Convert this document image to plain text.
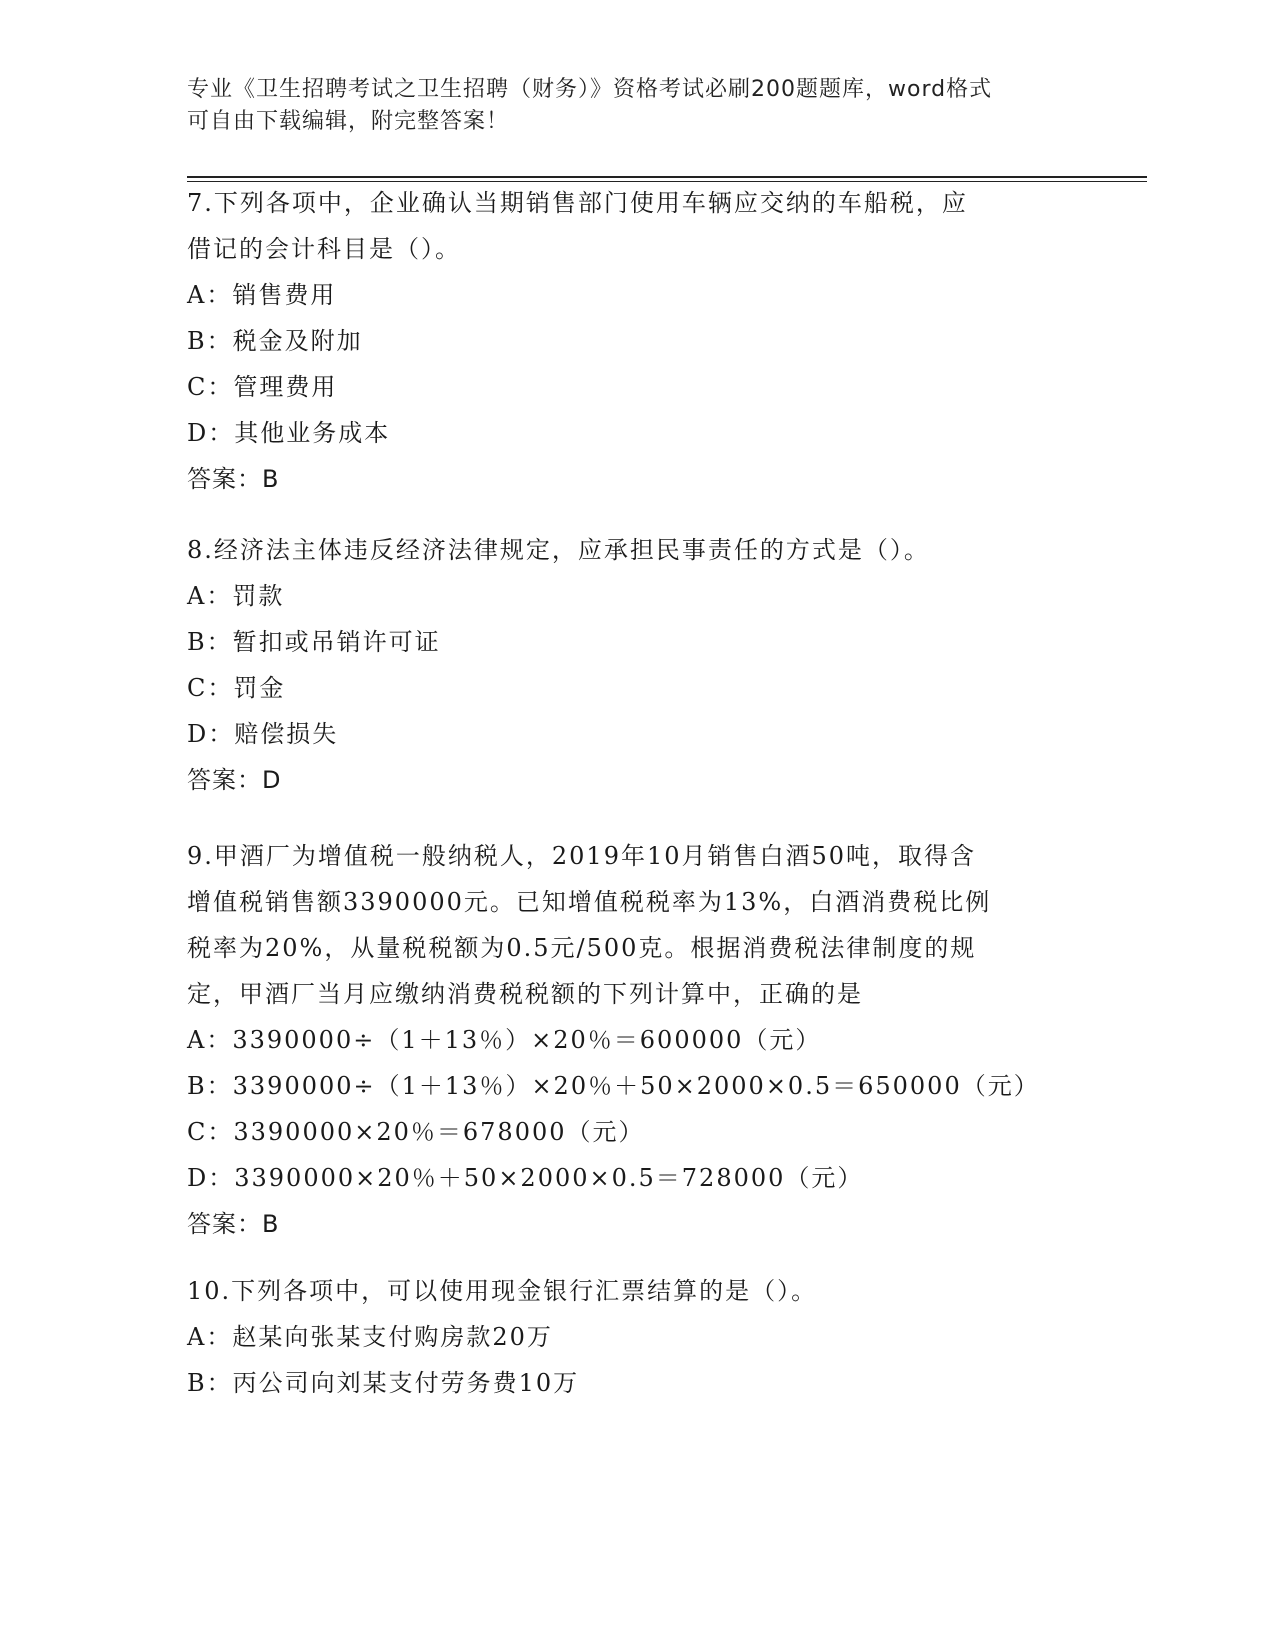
专业《卫生招聘考试之卫生招聘（财务）》资格考试必刷200题题库，word格式
可自由下载编辑，附完整答案！
7.下列各项中，企业确认当期销售部门使用车辆应交纳的车船税，应
借记的会计科目是（）。
A：销售费用
B：税金及附加
C：管理费用
D：其他业务成本
答案：B
8.经济法主体违反经济法律规定，应承担民事责任的方式是（）。
A：罚款
B：暂扣或吊销许可证
C：罚金
D：赔偿损失
答案：D
9.甲酒厂为增值税一般纳税人，2019年10月销售白酒50吨，取得含
增值税销售额3390000元。已知增值税税率为13%，白酒消费税比例
税率为20%，从量税税额为0.5元/500克。根据消费税法律制度的规
定，甲酒厂当月应缴纳消费税税额的下列计算中，正确的是
A：3390000÷（1＋13％）×20％＝600000（元）
B：3390000÷（1＋13％）×20％＋50×2000×0.5＝650000（元）
C：3390000×20％＝678000（元）
D：3390000×20％＋50×2000×0.5＝728000（元）
答案：B
10.下列各项中，可以使用现金银行汇票结算的是（）。
A：赵某向张某支付购房款20万
B：丙公司向刘某支付劳务费10万
